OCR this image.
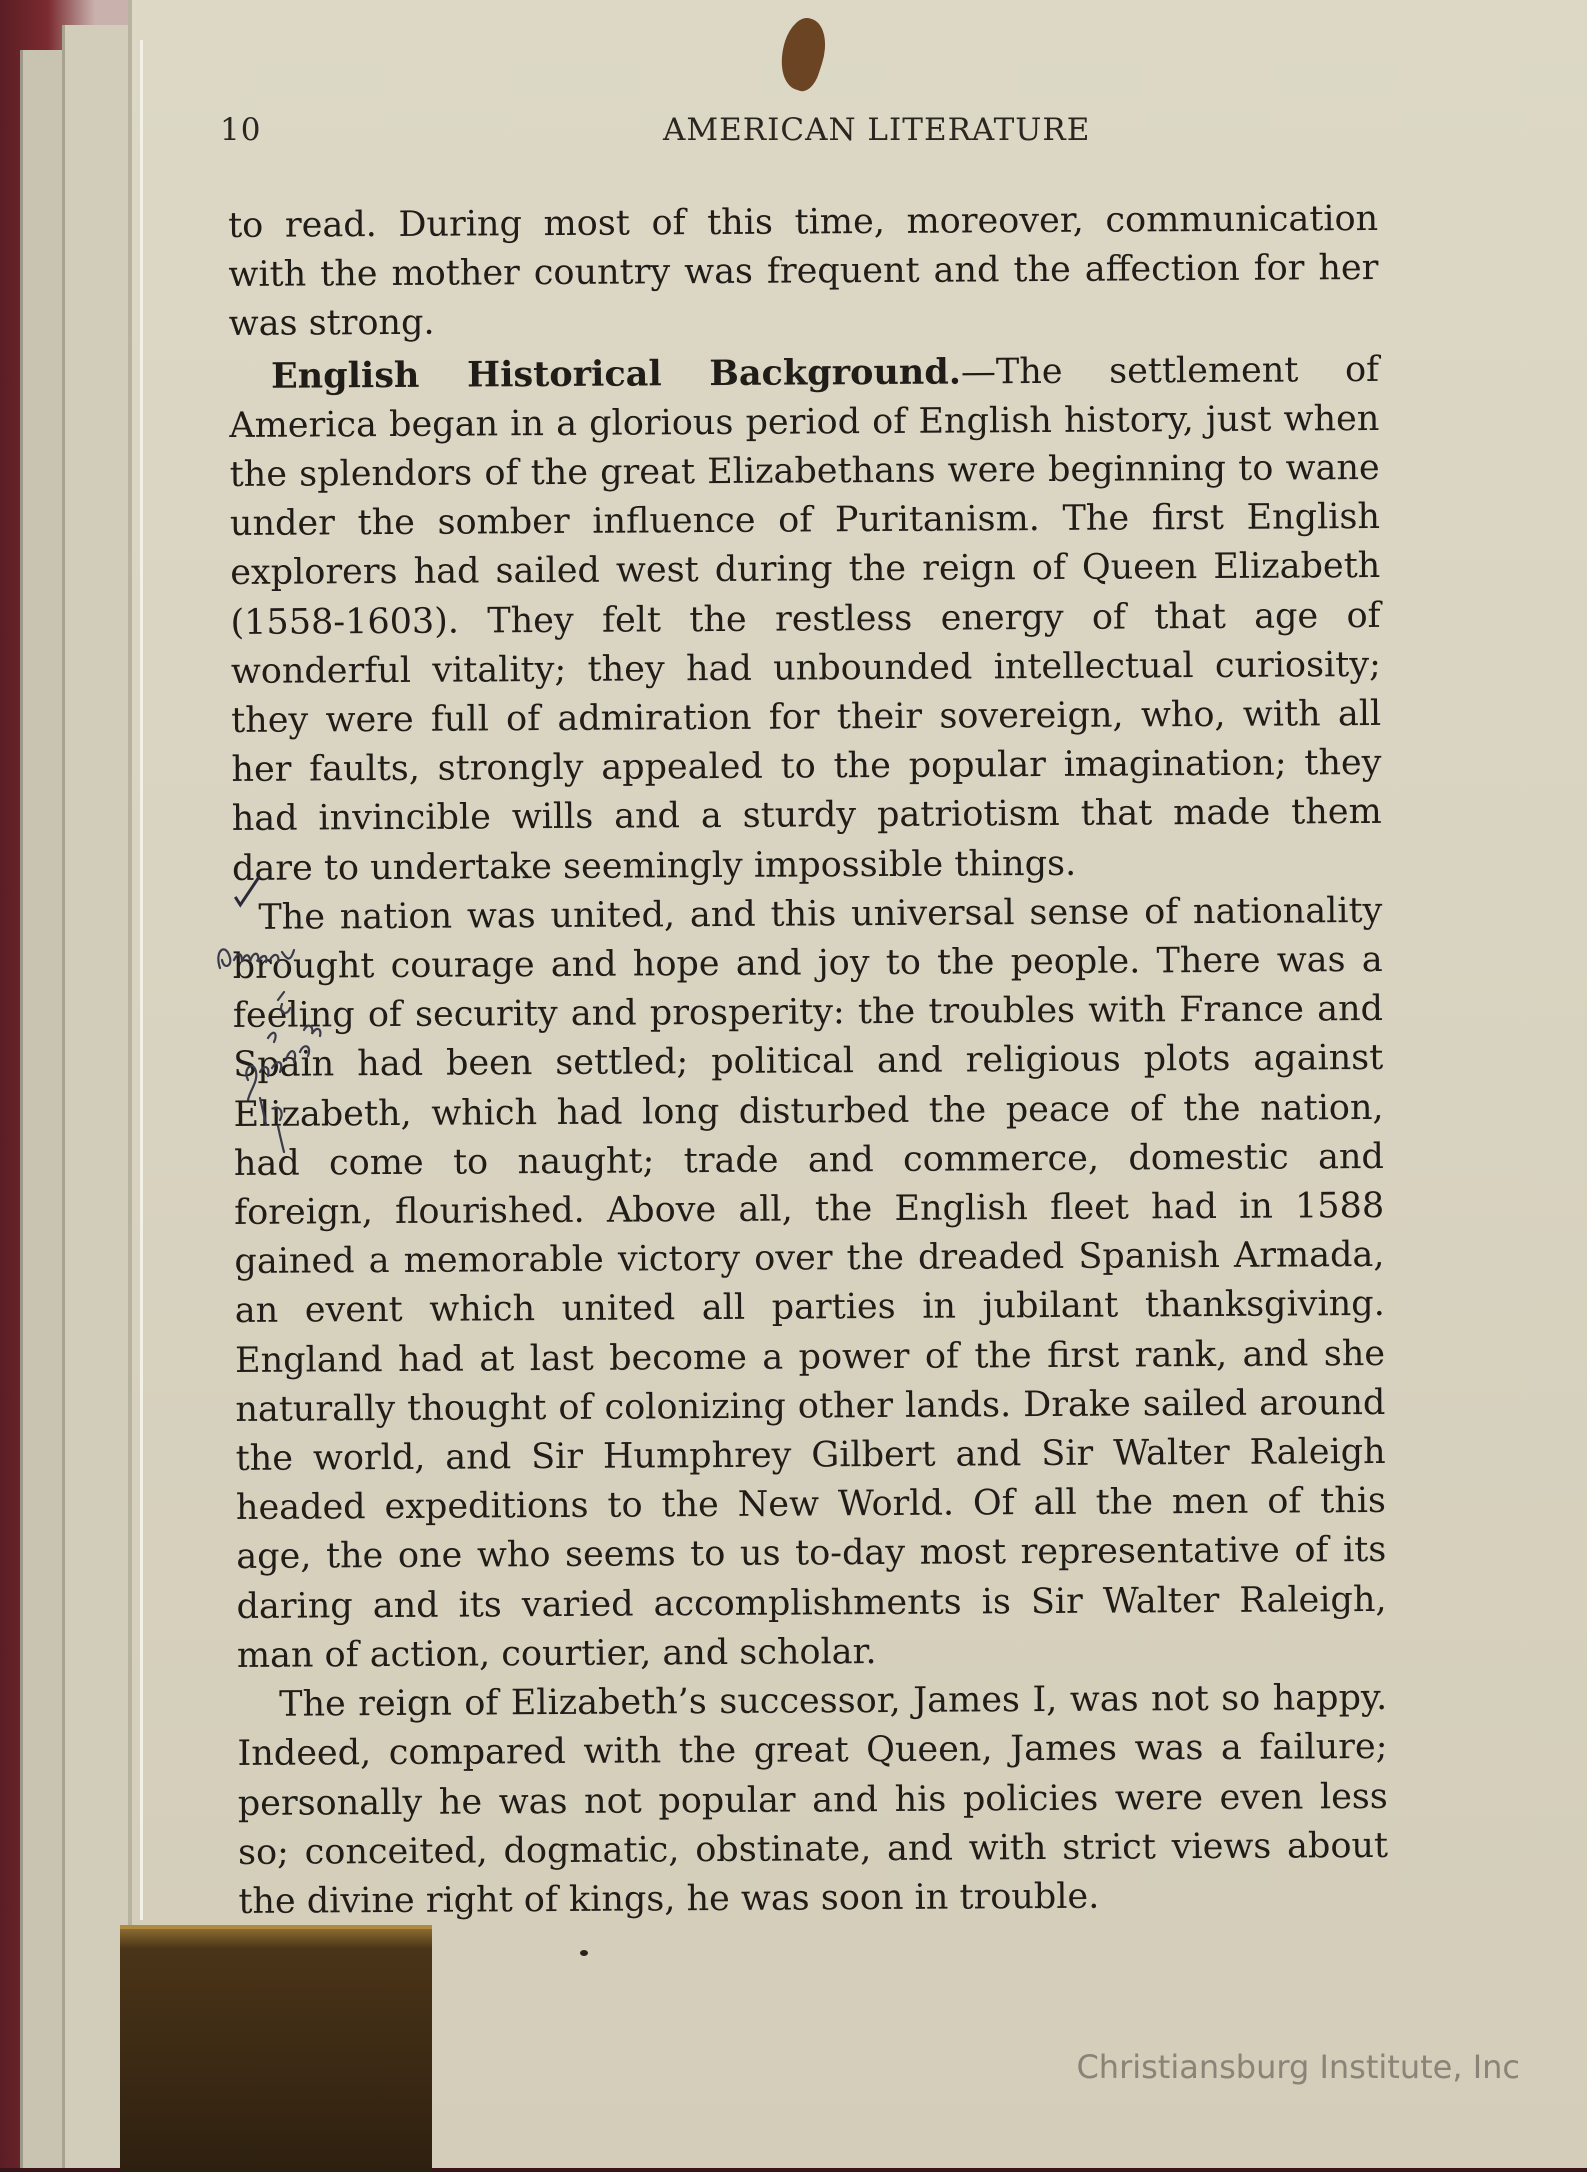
10	AMERICAN LITERATURE

to read. During most of this time, moreover, communication with the mother country was frequent and the affection for her was strong.

English Historical Background.—The settlement of America began in a glorious period of English history, just when the splendors of the great Elizabethans were beginning to wane under the somber influence of Puritanism. The first English explorers had sailed west during the reign of Queen Elizabeth (1558-1603). They felt the restless energy of that age of wonderful vitality; they had unbounded intellectual curiosity; they were full of admiration for their sovereign, who, with all her faults, strongly appealed to the popular imagination; they had invincible wills and a sturdy patriotism that made them dare to undertake seemingly impossible things.

The nation was united, and this universal sense of nationality brought courage and hope and joy to the people. There was a feeling of security and prosperity: the troubles with France and Spain had been settled; political and religious plots against Elizabeth, which had long disturbed the peace of the nation, had come to naught; trade and commerce, domestic and foreign, flourished. Above all, the English fleet had in 1588 gained a memorable victory over the dreaded Spanish Armada, an event which united all parties in jubilant thanksgiving. England had at last become a power of the first rank, and she naturally thought of colonizing other lands. Drake sailed around the world, and Sir Humphrey Gilbert and Sir Walter Raleigh headed expeditions to the New World. Of all the men of this age, the one who seems to us to-day most representative of its daring and its varied accomplishments is Sir Walter Raleigh, man of action, courtier, and scholar.

The reign of Elizabeth’s successor, James I, was not so happy. Indeed, compared with the great Queen, James was a failure; personally he was not popular and his policies were even less so; conceited, dogmatic, obstinate, and with strict views about the divine right of kings, he was soon in trouble.

Christiansburg Institute, Inc
